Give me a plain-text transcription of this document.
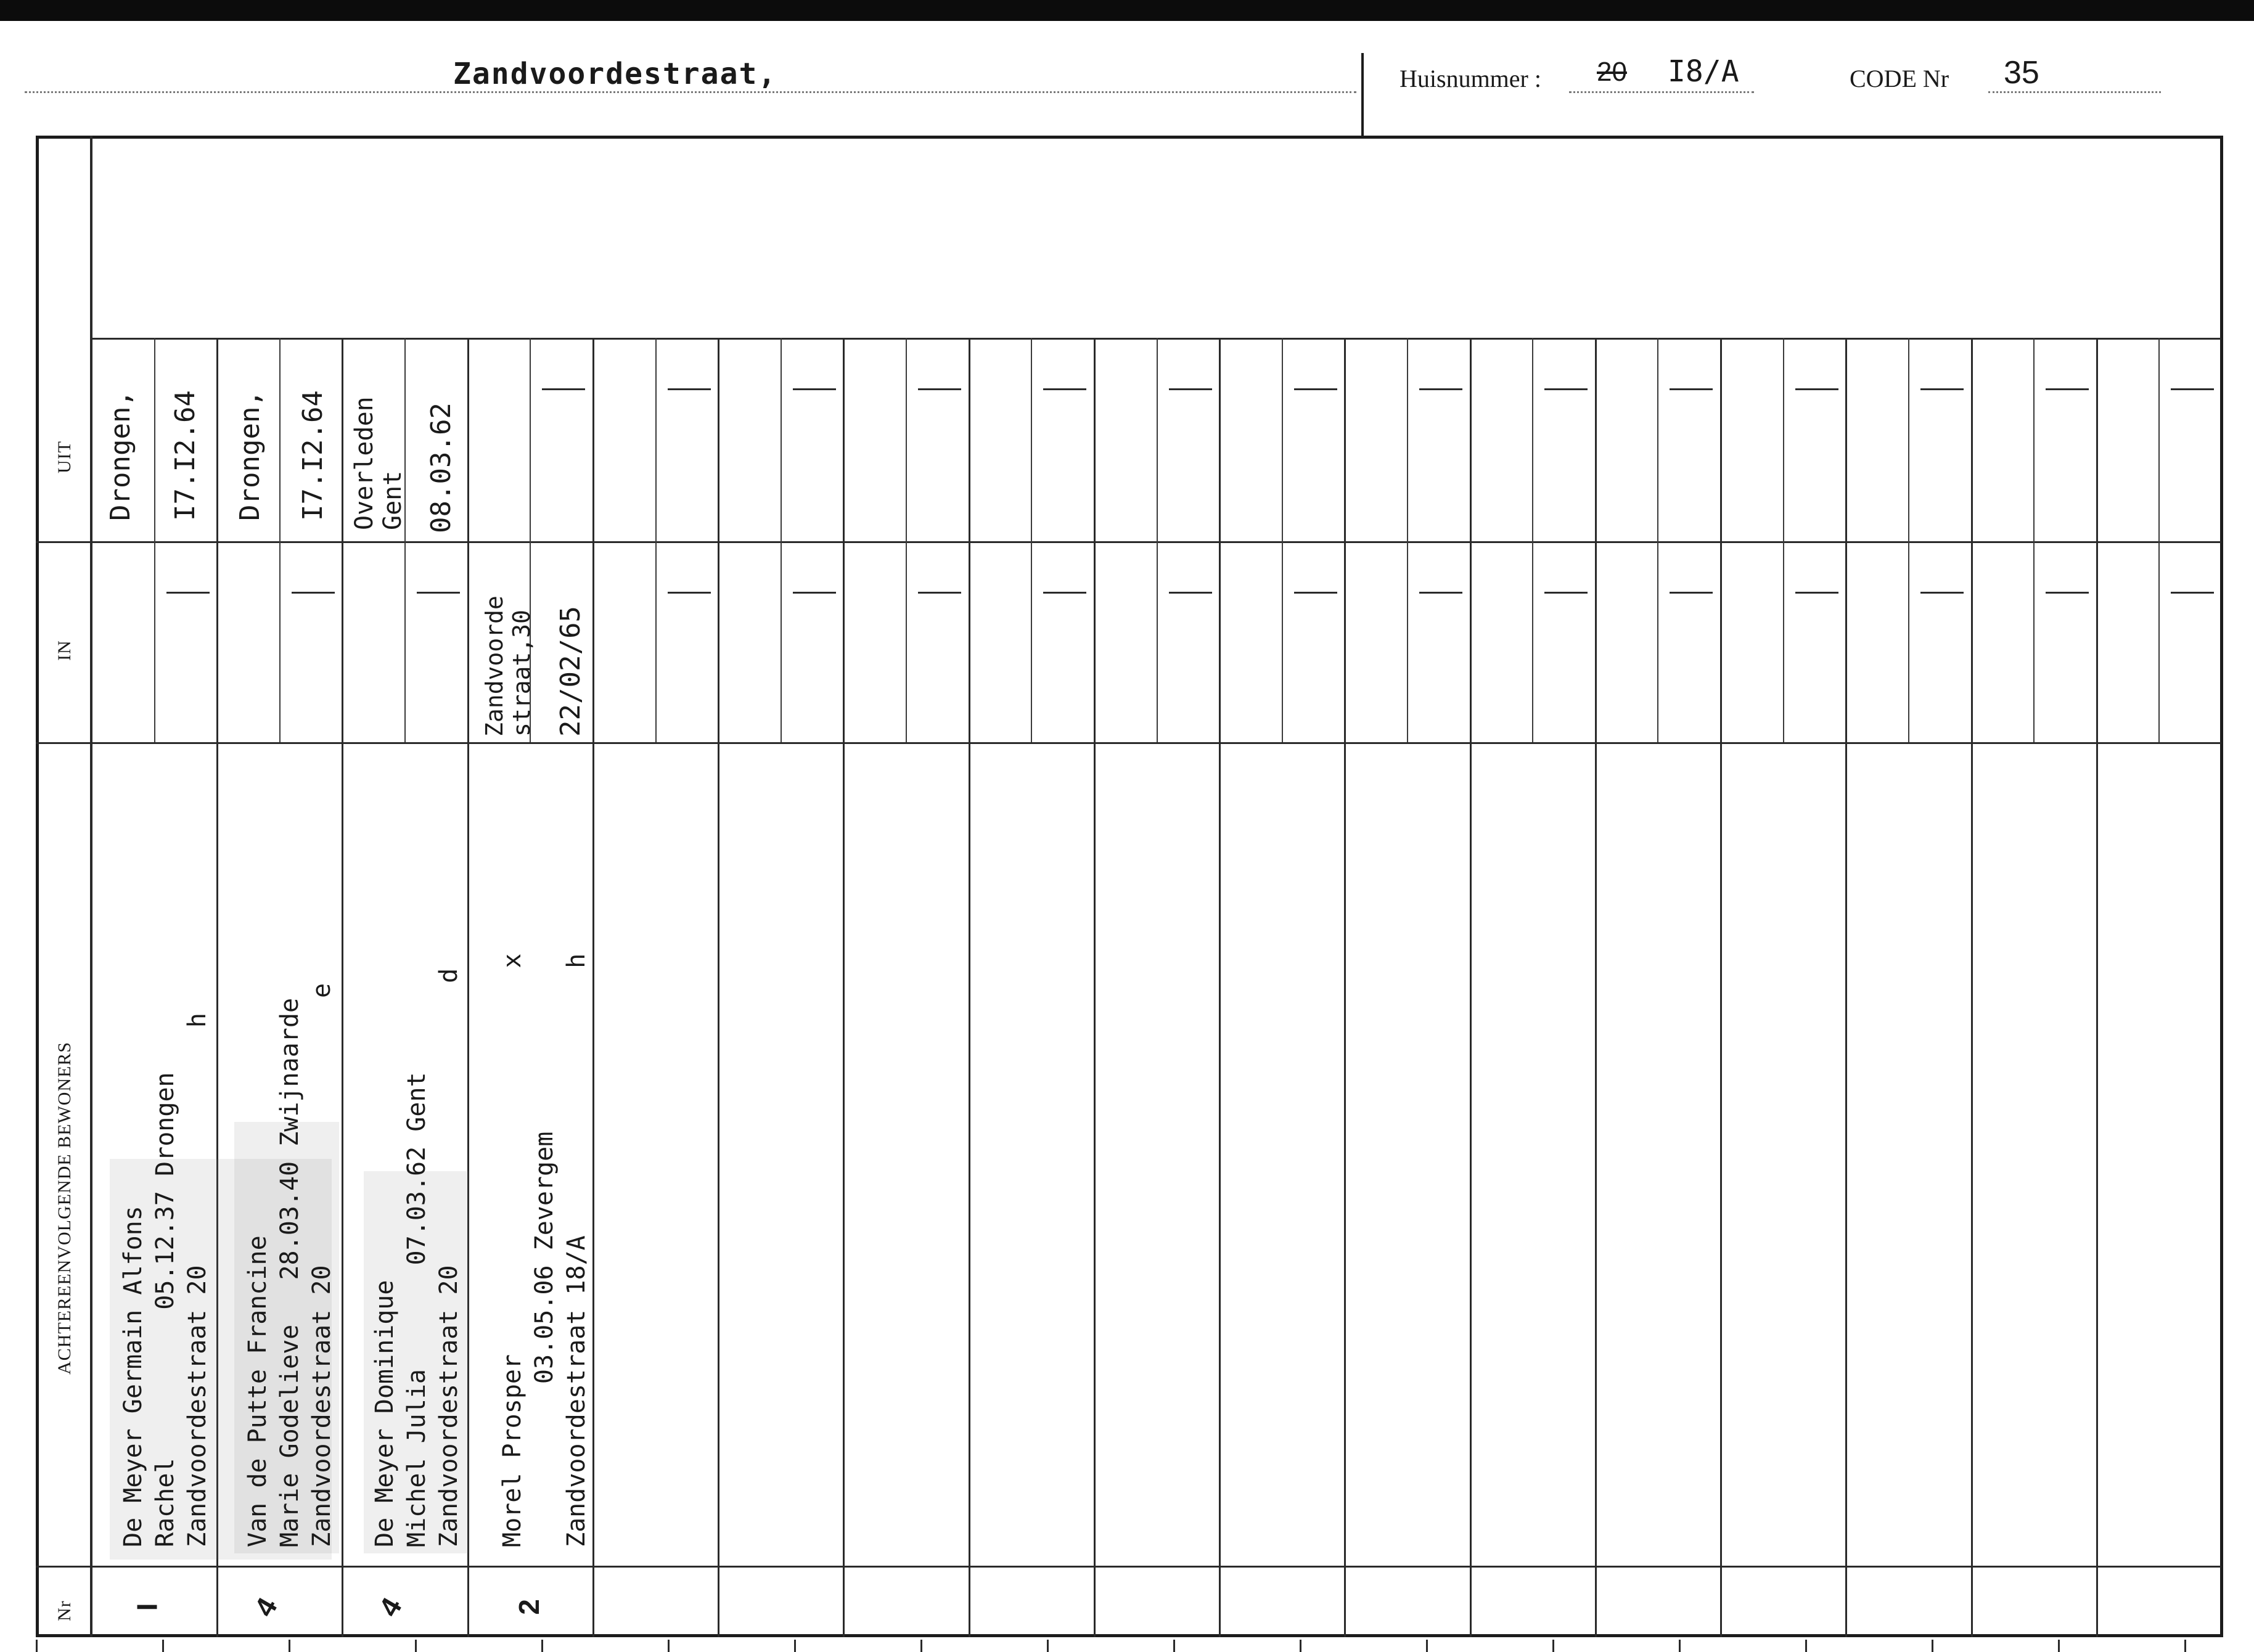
Zandvoordestraat,	Huisnummer : 20 I8/A	CODE Nr 35
UIT
IN
ACHTEREENVOLGENDE BEWONERS
Nr
De Meyer Germain Alfons Rachel          05.12.37 Drongen Zandvoordestraat 20                h
Drongen, I7.I2.64
I
Van de Putte Francine Marie Godelieve   28.03.40 Zwijnaarde Zandvoordestraat 20                  e
Drongen, I7.I2.64
4
De Meyer Dominique Michel Julia       07.03.62 Gent Zandvoordestraat 20                   d
Overleden
Gent 08.03.62
4
Morel Prosper                          x
03.05.06 Zevergem Zandvoordestraat 18/A                  h
Zandvoorde
straat,30 22/02/65
2
